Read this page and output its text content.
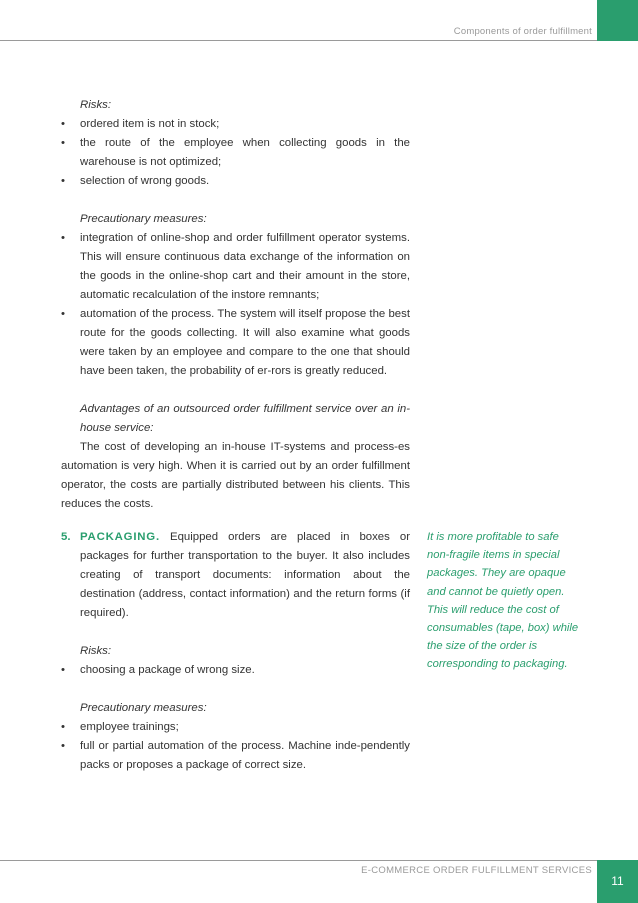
Components of order fulfillment

Risks:

•	ordered item is not in stock;

•	the route of the employee when collecting goods in the warehouse is not optimized;

•	selection of wrong goods.

Precautionary measures:

•	integration of online-shop and order fulfillment operator systems. This will ensure continuous data exchange of the information on the goods in the online-shop cart and their amount in the store, automatic recalculation of the instore remnants;

•	automation of the process. The system will itself propose the best route for the goods collecting. It will also examine what goods were taken by an employee and compare to the one that should have been taken, the probability of er-rors is greatly reduced.

Advantages of an outsourced order fulfillment service over an in-house service:

The cost of developing an in-house IT-systems and process-es automation is very high. When it is carried out by an order fulfillment operator, the costs are partially distributed between his clients. This reduces the costs.

5. PACKAGING. Equipped orders are placed in boxes or packages for further transportation to the buyer. It also includes creating of transport documents: information about the destination (address, contact information) and the return forms (if required).

Risks:

•	choosing a package of wrong size.

Precautionary measures:

•	employee trainings;

•	full or partial automation of the process. Machine inde-pendently packs or proposes a package of correct size.

It is more profitable to safe non-fragile items in special packages. They are opaque and cannot be quietly open. This will reduce the cost of consumables (tape, box) while the size of the order is corresponding to packaging.
E-COMMERCE ORDER FULFILLMENT SERVICES
11
